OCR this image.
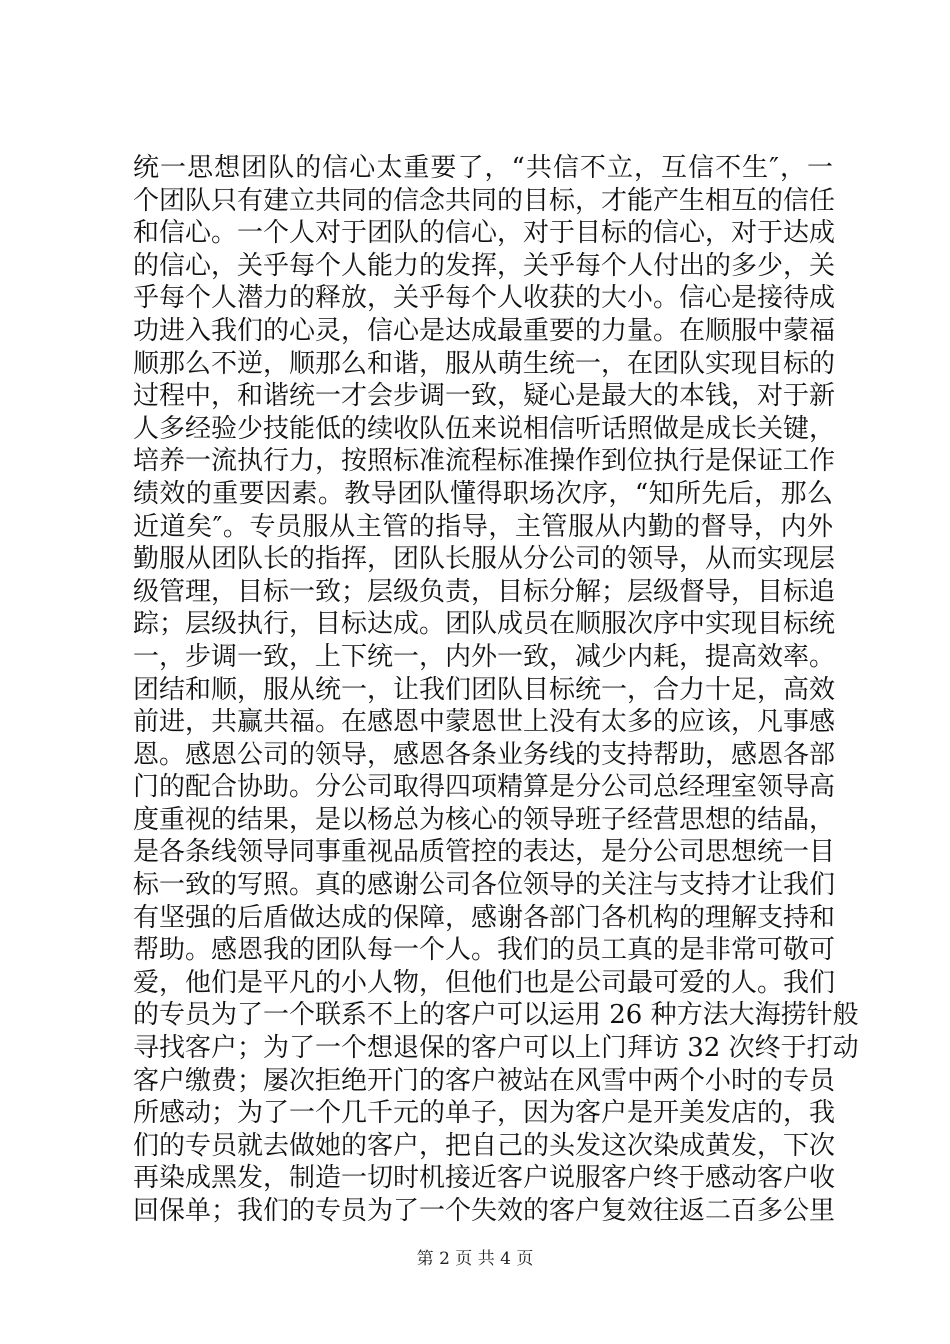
统一思想团队的信心太重要了，“共信不立，互信不生″，一
个团队只有建立共同的信念共同的目标，才能产生相互的信任
和信心。一个人对于团队的信心，对于目标的信心，对于达成
的信心，关乎每个人能力的发挥，关乎每个人付出的多少，关
乎每个人潜力的释放，关乎每个人收获的大小。信心是接待成
功进入我们的心灵，信心是达成最重要的力量。在顺服中蒙福
顺那么不逆，顺那么和谐，服从萌生统一，在团队实现目标的
过程中，和谐统一才会步调一致，疑心是最大的本钱，对于新
人多经验少技能低的续收队伍来说相信听话照做是成长关键，
培养一流执行力，按照标准流程标准操作到位执行是保证工作
绩效的重要因素。教导团队懂得职场次序，“知所先后，那么
近道矣″。专员服从主管的指导，主管服从内勤的督导，内外
勤服从团队长的指挥，团队长服从分公司的领导，从而实现层
级管理，目标一致；层级负责，目标分解；层级督导，目标追
踪；层级执行，目标达成。团队成员在顺服次序中实现目标统
一，步调一致，上下统一，内外一致，减少内耗，提高效率。
团结和顺，服从统一，让我们团队目标统一，合力十足，高效
前进，共赢共福。在感恩中蒙恩世上没有太多的应该，凡事感
恩。感恩公司的领导，感恩各条业务线的支持帮助，感恩各部
门的配合协助。分公司取得四项精算是分公司总经理室领导高
度重视的结果，是以杨总为核心的领导班子经营思想的结晶，
是各条线领导同事重视品质管控的表达，是分公司思想统一目
标一致的写照。真的感谢公司各位领导的关注与支持才让我们
有坚强的后盾做达成的保障，感谢各部门各机构的理解支持和
帮助。感恩我的团队每一个人。我们的员工真的是非常可敬可
爱，他们是平凡的小人物，但他们也是公司最可爱的人。我们
的专员为了一个联系不上的客户可以运用 26 种方法大海捞针般
寻找客户；为了一个想退保的客户可以上门拜访 32 次终于打动
客户缴费；屡次拒绝开门的客户被站在风雪中两个小时的专员
所感动；为了一个几千元的单子，因为客户是开美发店的，我
们的专员就去做她的客户，把自己的头发这次染成黄发，下次
再染成黑发，制造一切时机接近客户说服客户终于感动客户收
回保单；我们的专员为了一个失效的客户复效往返二百多公里
第 2 页 共 4 页
